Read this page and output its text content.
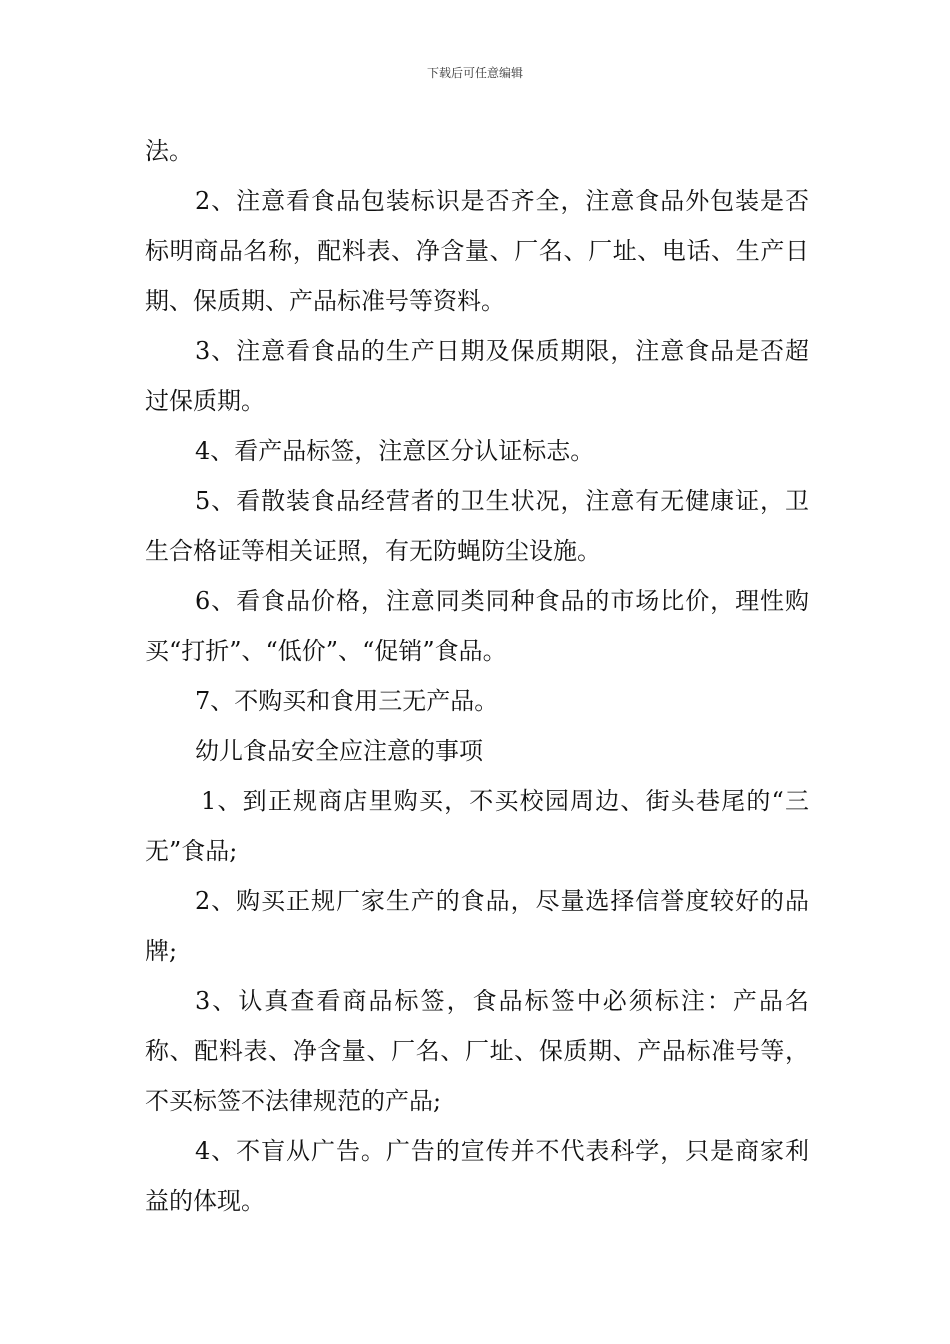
下载后可任意编辑

法。

2、注意看食品包装标识是否齐全，注意食品外包装是否标明商品名称，配料表、净含量、厂名、厂址、电话、生产日期、保质期、产品标准号等资料。

3、注意看食品的生产日期及保质期限，注意食品是否超过保质期。

4、看产品标签，注意区分认证标志。

5、看散装食品经营者的卫生状况，注意有无健康证，卫生合格证等相关证照，有无防蝇防尘设施。

6、看食品价格，注意同类同种食品的市场比价，理性购买“打折”、“低价”、“促销”食品。

7、不购买和食用三无产品。

幼儿食品安全应注意的事项

1、到正规商店里购买，不买校园周边、街头巷尾的“三无”食品;

2、购买正规厂家生产的食品，尽量选择信誉度较好的品牌;

3、认真查看商品标签，食品标签中必须标注：产品名称、配料表、净含量、厂名、厂址、保质期、产品标准号等，不买标签不法律规范的产品;

4、不盲从广告。广告的宣传并不代表科学，只是商家利益的体现。
